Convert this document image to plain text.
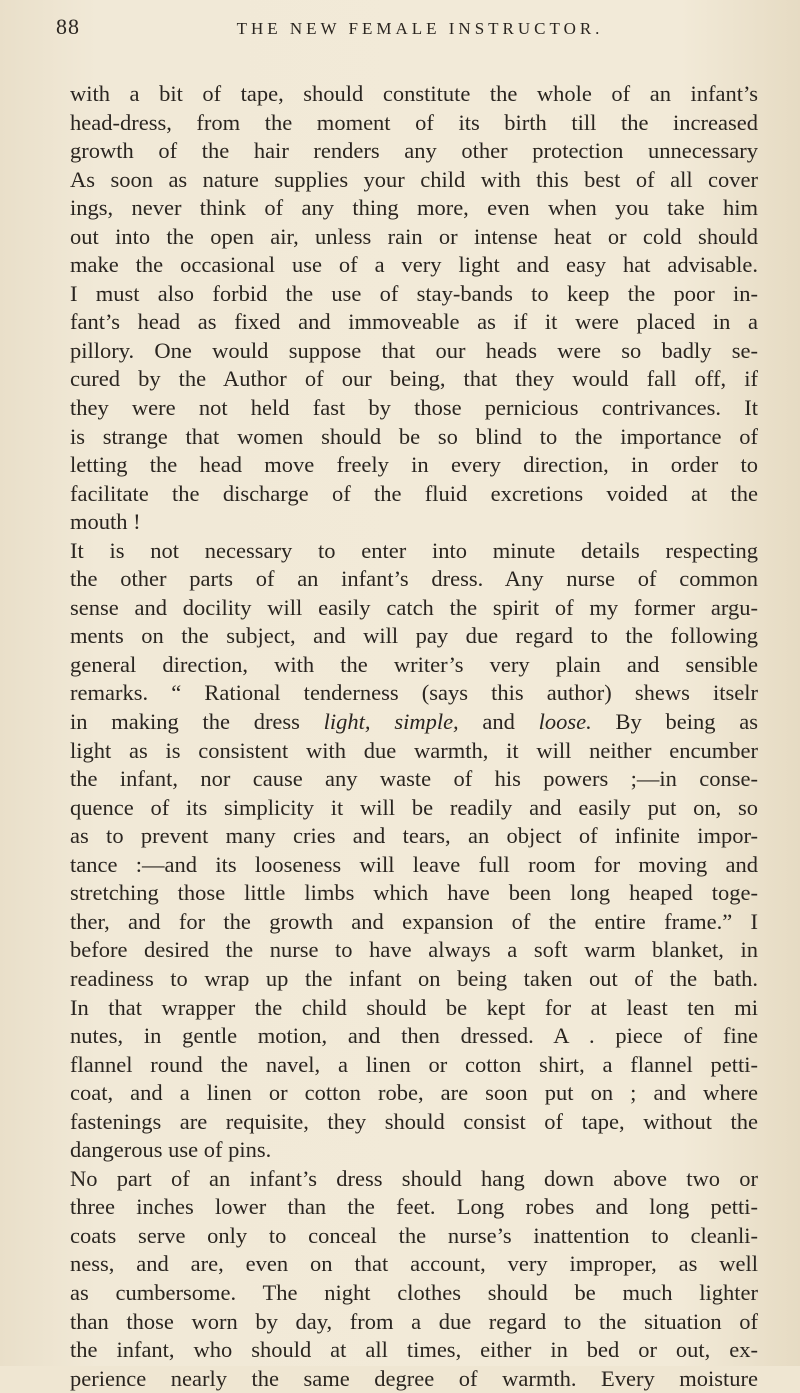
88	THE NEW FEMALE INSTRUCTOR.
with a bit of tape, should constitute the whole of an infant’s
head-dress, from the moment of its birth till the increased
growth of the hair renders any other protection unnecessary
As soon as nature supplies your child with this best of all cover
ings, never think of any thing more, even when you take him
out into the open air, unless rain or intense heat or cold should
make the occasional use of a very light and easy hat advisable.
I must also forbid the use of stay-bands to keep the poor in-
fant’s head as fixed and immoveable as if it were placed in a
pillory. One would suppose that our heads were so badly se-
cured by the Author of our being, that they would fall off, if
they were not held fast by those pernicious contrivances. It
is strange that women should be so blind to the importance of
letting the head move freely in every direction, in order to
facilitate the discharge of the fluid excretions voided at the
mouth !
It is not necessary to enter into minute details respecting
the other parts of an infant’s dress. Any nurse of common
sense and docility will easily catch the spirit of my former argu-
ments on the subject, and will pay due regard to the following
general direction, with the writer’s very plain and sensible
remarks. “ Rational tenderness (says this author) shews itselr
in making the dress light, simple, and loose. By being as
light as is consistent with due warmth, it will neither encumber
the infant, nor cause any waste of his powers ;—in conse-
quence of its simplicity it will be readily and easily put on, so
as to prevent many cries and tears, an object of infinite impor-
tance :—and its looseness will leave full room for moving and
stretching those little limbs which have been long heaped toge-
ther, and for the growth and expansion of the entire frame.” I
before desired the nurse to have always a soft warm blanket, in
readiness to wrap up the infant on being taken out of the bath.
In that wrapper the child should be kept for at least ten mi
nutes, in gentle motion, and then dressed. A . piece of fine
flannel round the navel, a linen or cotton shirt, a flannel petti-
coat, and a linen or cotton robe, are soon put on ; and where
fastenings are requisite, they should consist of tape, without the
dangerous use of pins.
No part of an infant’s dress should hang down above two or
three inches lower than the feet. Long robes and long petti-
coats serve only to conceal the nurse’s inattention to cleanli-
ness, and are, even on that account, very improper, as well
as cumbersome. The night clothes should be much lighter
than those worn by day, from a due regard to the situation of
the infant, who should at all times, either in bed or out, ex-
perience nearly the same degree of warmth. Every moisture
